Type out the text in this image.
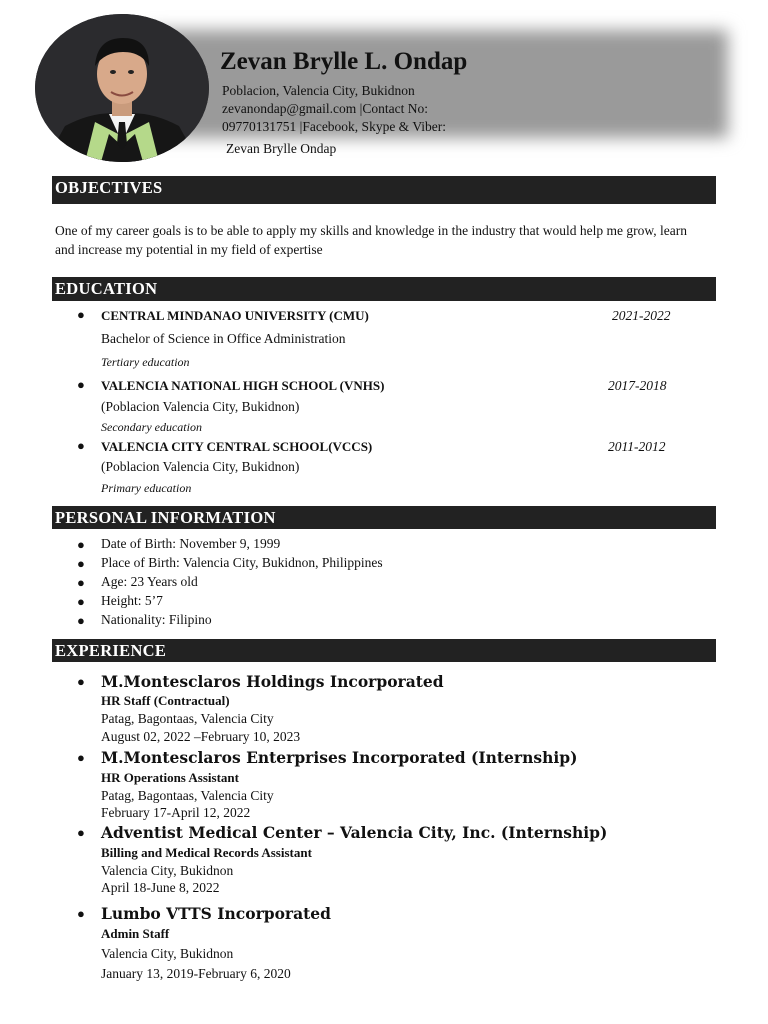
Zevan Brylle L. Ondap
Poblacion, Valencia City, Bukidnon
zevanondap@gmail.com |Contact No:
09770131751 |Facebook, Skype & Viber:
Zevan Brylle Ondap
OBJECTIVES
One of my career goals is to be able to apply my skills and knowledge in the industry that would help me grow, learn and increase my potential in my field of expertise
EDUCATION
● CENTRAL MINDANAO UNIVERSITY (CMU)	2021-2022
Bachelor of Science in Office Administration
Tertiary education
● VALENCIA NATIONAL HIGH SCHOOL (VNHS)	2017-2018
(Poblacion Valencia City, Bukidnon)
Secondary education
● VALENCIA CITY CENTRAL SCHOOL(VCCS)	2011-2012
(Poblacion Valencia City, Bukidnon)
Primary education
PERSONAL INFORMATION
● Date of Birth: November 9, 1999
● Place of Birth: Valencia City, Bukidnon, Philippines
● Age: 23 Years old
● Height: 5’7
● Nationality: Filipino
EXPERIENCE
● M.Montesclaros Holdings Incorporated
HR Staff (Contractual)
Patag, Bagontaas, Valencia City
August 02, 2022 –February 10, 2023
● M.Montesclaros Enterprises Incorporated (Internship)
HR Operations Assistant
Patag, Bagontaas, Valencia City
February 17-April 12, 2022
● Adventist Medical Center – Valencia City, Inc. (Internship)
Billing and Medical Records Assistant
Valencia City, Bukidnon
April 18-June 8, 2022
● Lumbo VTTS Incorporated
Admin Staff
Valencia City, Bukidnon
January 13, 2019-February 6, 2020
